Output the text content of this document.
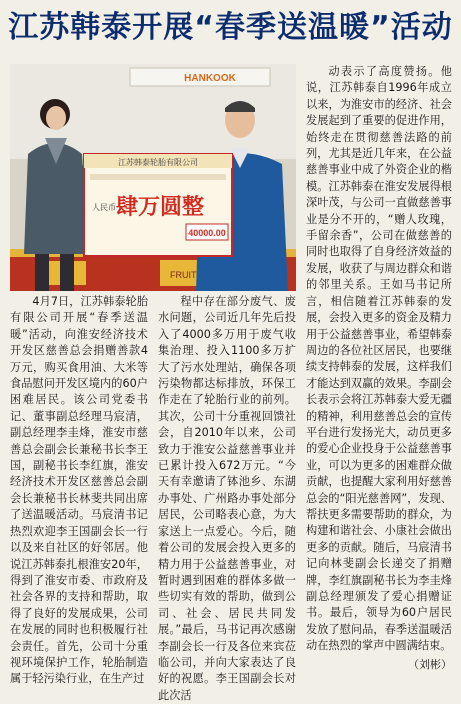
江苏韩泰开展“春季送温暖”活动
HANKOOK
FRUIT
江苏韩泰轮胎有限公司
人民币 肆万圆整
40000.00

4月7日，江苏韩泰轮胎有限公司开展“春季送温暖”活动，向淮安经济技术开发区慈善总会捐赠善款4万元，购买食用油、大米等食品慰问开发区境内的60户困难居民。该公司党委书记、董事副总经理马宸清，副总经理李圭烽，淮安市慈善总会副会长兼秘书长李王国，副秘书长李红旗，淮安经济技术开发区慈善总会副会长兼秘书长林斐共同出席了送温暖活动。马宸清书记热烈欢迎李王国副会长一行以及来自社区的好邻居。他说江苏韩泰扎根淮安20年，得到了淮安市委、市政府及社会各界的支持和帮助，取得了良好的发展成果，公司在发展的同时也积极履行社会责任。首先，公司十分重视环境保护工作，轮胎制造属于轻污染行业，在生产过

程中存在部分废气、废水问题，公司近几年先后投入了4000多万用于废气收集治理、投入1100多万扩大了污水处理站，确保各项污染物都达标排放，环保工作走在了轮胎行业的前列。其次，公司十分重视回馈社会，自2010年以来，公司致力于淮安公益慈善事业并已累计投入672万元。“今天有幸邀请了钵池乡、东湖办事处、广州路办事处部分居民，公司略表心意，为大家送上一点爱心。今后，随着公司的发展会投入更多的精力用于公益慈善事业，对暂时遇到困难的群体多做一些切实有效的帮助，做到公司、社会、居民共同发展。”最后，马书记再次感谢李副会长一行及各位来宾莅临公司，并向大家表达了良好的祝愿。李王国副会长对此次活

动表示了高度赞扬。他说，江苏韩泰自1996年成立以来，为淮安市的经济、社会发展起到了重要的促进作用，始终走在贯彻慈善法路的前列，尤其是近几年来，在公益慈善事业中成了外资企业的楷模。江苏韩泰在淮安发展得根深叶茂，与公司一直做慈善事业是分不开的，“赠人玫瑰，手留余香”，公司在做慈善的同时也取得了自身经济效益的发展，收获了与周边群众和谐的邻里关系。王如马书记所言，相信随着江苏韩泰的发展，会投入更多的资金及精力用于公益慈善事业，希望韩泰周边的各位社区居民，也要继续支持韩泰的发展，这样我们才能达到双赢的效果。李副会长表示会将江苏韩泰大爱无疆的精神，利用慈善总会的宣传平台进行发扬光大，动员更多的爱心企业投身于公益慈善事业，可以为更多的困难群众做贡献，也提醒大家利用好慈善总会的“阳光慈善网”，发现、帮扶更多需要帮助的群众，为构建和谐社会、小康社会做出更多的贡献。随后，马宸清书记向林斐副会长递交了捐赠牌，李红旗副秘书长为李圭烽副总经理颁发了爱心捐赠证书。最后，领导为60户居民发放了慰问品，春季送温暖活动在热烈的掌声中圆满结束。

（刘彬）
